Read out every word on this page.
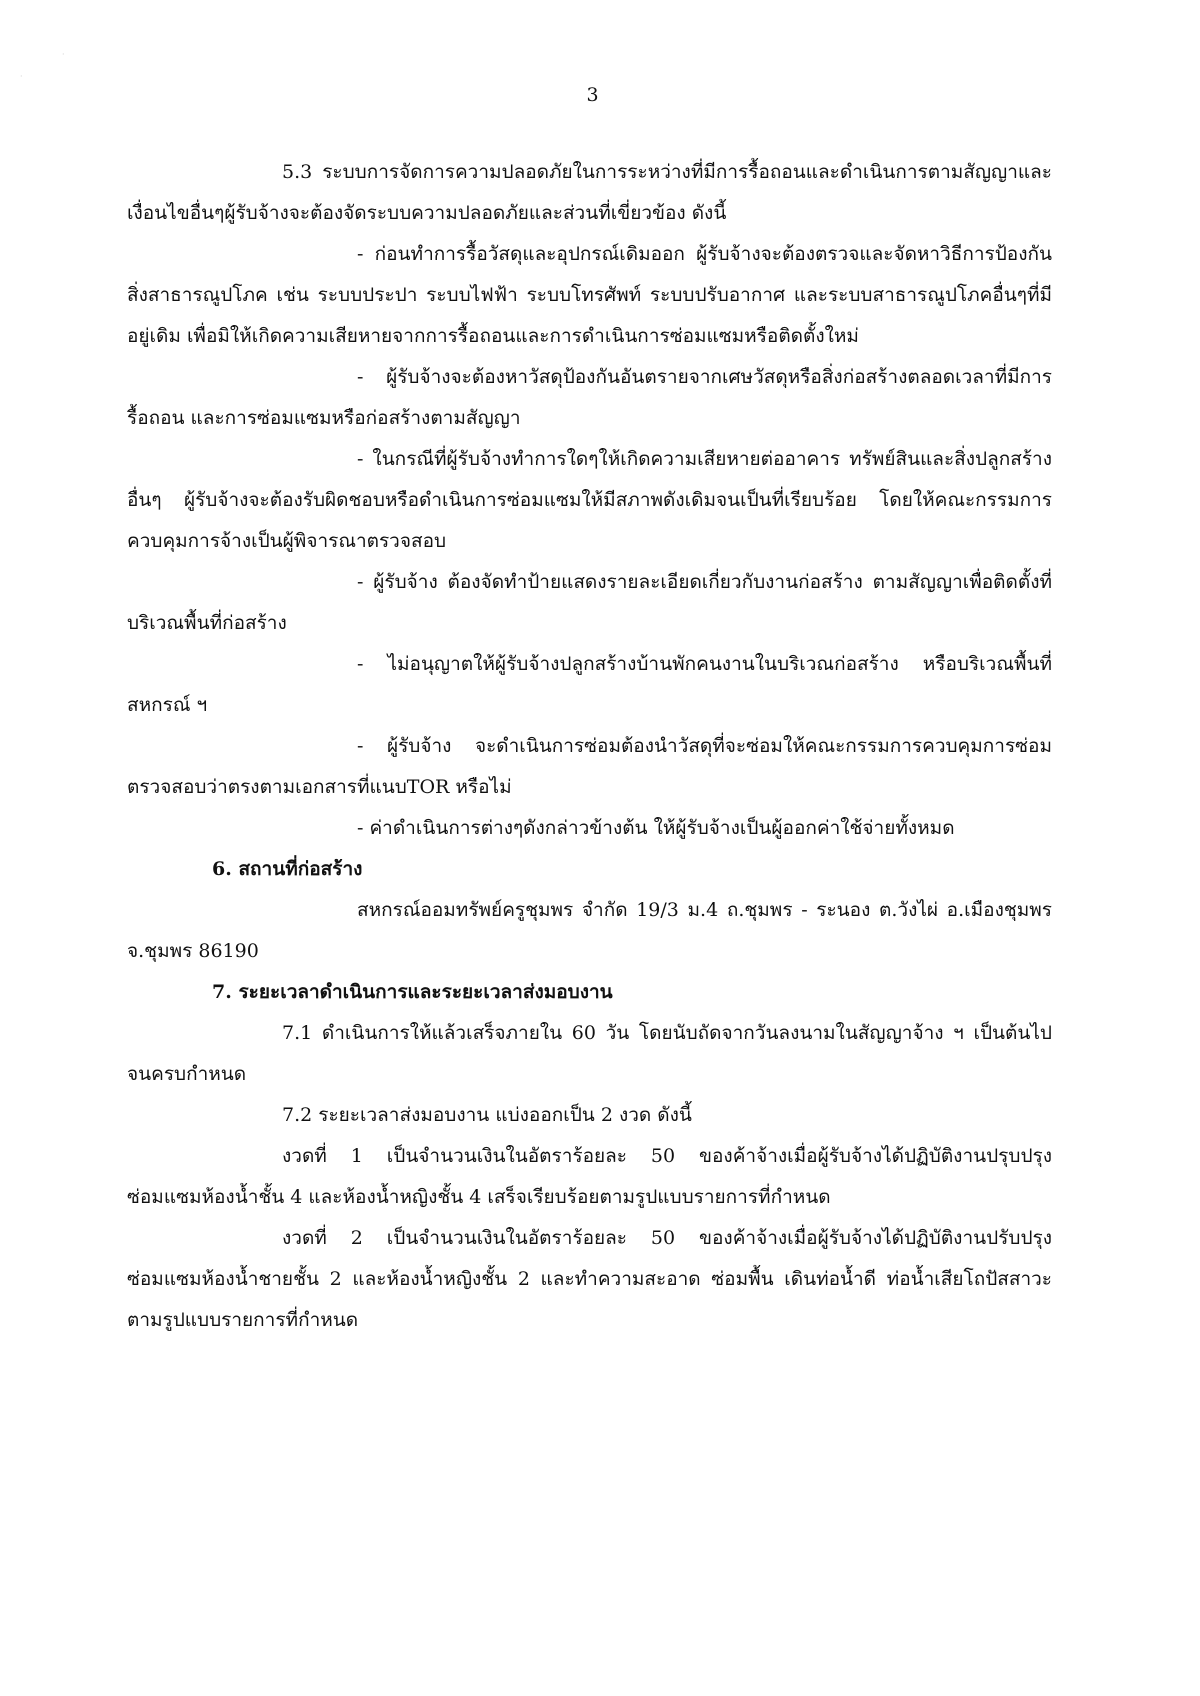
·
·
3

5.3 ระบบการจัดการความปลอดภัยในการระหว่างที่มีการรื้อถอนและดำเนินการตามสัญญาและเงื่อนไขอื่นๆผู้รับจ้างจะต้องจัดระบบความปลอดภัยและส่วนที่เขี่ยวข้อง ดังนี้

- ก่อนทำการรื้อวัสดุและอุปกรณ์เดิมออก ผู้รับจ้างจะต้องตรวจและจัดหาวิธีการป้องกันสิ่งสาธารณูปโภค เช่น ระบบประปา ระบบไฟฟ้า ระบบโทรศัพท์ ระบบปรับอากาศ และระบบสาธารณูปโภคอื่นๆที่มีอยู่เดิม เพื่อมิให้เกิดความเสียหายจากการรื้อถอนและการดำเนินการซ่อมแซมหรือติดตั้งใหม่

- ผู้รับจ้างจะต้องหาวัสดุป้องกันอันตรายจากเศษวัสดุหรือสิ่งก่อสร้างตลอดเวลาที่มีการรื้อถอน และการซ่อมแซมหรือก่อสร้างตามสัญญา

- ในกรณีที่ผู้รับจ้างทำการใดๆให้เกิดความเสียหายต่ออาคาร ทรัพย์สินและสิ่งปลูกสร้างอื่นๆ ผู้รับจ้างจะต้องรับผิดชอบหรือดำเนินการซ่อมแซมให้มีสภาพดังเดิมจนเป็นที่เรียบร้อย โดยให้คณะกรรมการควบคุมการจ้างเป็นผู้พิจารณาตรวจสอบ

- ผู้รับจ้าง ต้องจัดทำป้ายแสดงรายละเอียดเกี่ยวกับงานก่อสร้าง ตามสัญญาเพื่อติดตั้งที่บริเวณพื้นที่ก่อสร้าง

- ไม่อนุญาตให้ผู้รับจ้างปลูกสร้างบ้านพักคนงานในบริเวณก่อสร้าง หรือบริเวณพื้นที่สหกรณ์ ฯ

- ผู้รับจ้าง จะดำเนินการซ่อมต้องนำวัสดุที่จะซ่อมให้คณะกรรมการควบคุมการซ่อม ตรวจสอบว่าตรงตามเอกสารที่แนบTOR หรือไม่

- ค่าดำเนินการต่างๆดังกล่าวข้างต้น ให้ผู้รับจ้างเป็นผู้ออกค่าใช้จ่ายทั้งหมด

6. สถานที่ก่อสร้าง

สหกรณ์ออมทรัพย์ครูชุมพร จำกัด 19/3 ม.4 ถ.ชุมพร - ระนอง ต.วังไผ่ อ.เมืองชุมพร จ.ชุมพร 86190

7. ระยะเวลาดำเนินการและระยะเวลาส่งมอบงาน

7.1 ดำเนินการให้แล้วเสร็จภายใน 60 วัน โดยนับถัดจากวันลงนามในสัญญาจ้าง ฯ เป็นต้นไป จนครบกำหนด

7.2 ระยะเวลาส่งมอบงาน แบ่งออกเป็น 2 งวด ดังนี้

งวดที่ 1 เป็นจำนวนเงินในอัตราร้อยละ 50 ของค้าจ้างเมื่อผู้รับจ้างได้ปฏิบัติงานปรุบปรุงซ่อมแซมห้องน้ำชั้น 4 และห้องน้ำหญิงชั้น 4 เสร็จเรียบร้อยตามรูปแบบรายการที่กำหนด

งวดที่ 2 เป็นจำนวนเงินในอัตราร้อยละ 50 ของค้าจ้างเมื่อผู้รับจ้างได้ปฏิบัติงานปรับปรุงซ่อมแซมห้องน้ำชายชั้น 2 และห้องน้ำหญิงชั้น 2 และทำความสะอาด ซ่อมพื้น เดินท่อน้ำดี ท่อน้ำเสียโถปัสสาวะ ตามรูปแบบรายการที่กำหนด
